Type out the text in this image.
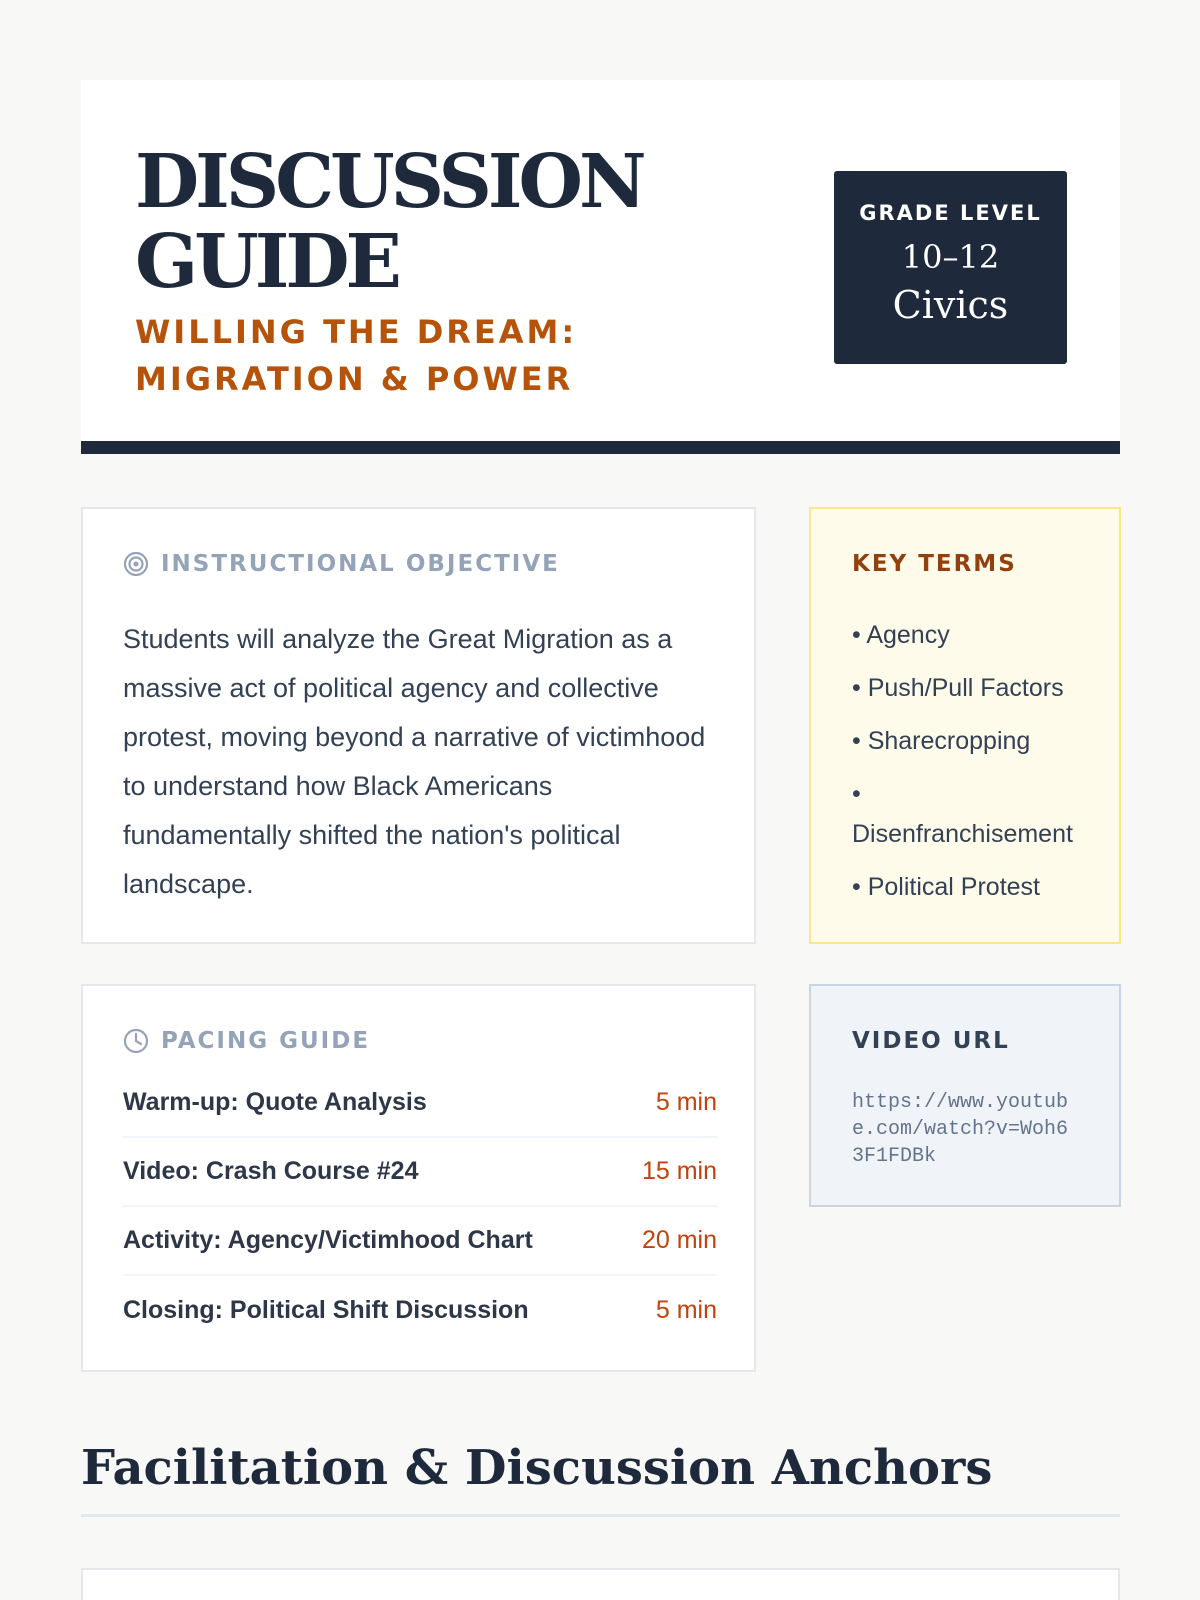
DISCUSSION
GUIDE
WILLING THE DREAM: MIGRATION & POWER
GRADE LEVEL
10–12
Civics
INSTRUCTIONAL OBJECTIVE

Students will analyze the Great Migration as a massive act of political agency and collective protest, moving beyond a narrative of victimhood to understand how Black Americans fundamentally shifted the nation's political landscape.

KEY TERMS
• Agency
• Push/Pull Factors
• Sharecropping
• Disenfranchisement
• Political Protest
PACING GUIDE
Warm-up: Quote Analysis	5 min
Video: Crash Course #24	15 min
Activity: Agency/Victimhood Chart	20 min
Closing: Political Shift Discussion	5 min
VIDEO URL
https://www.youtube.com/watch?v=Woh63F1FDBk
Facilitation & Discussion Anchors
